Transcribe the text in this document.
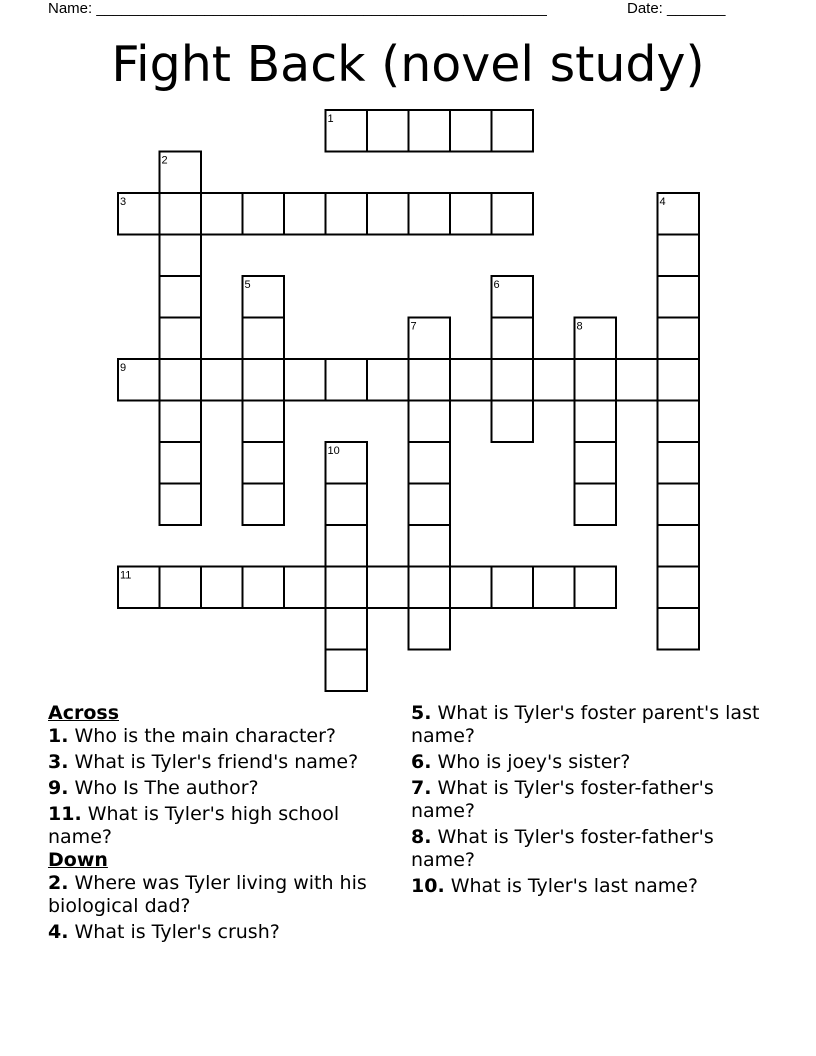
Name: ______________________________________________________	Date: _______
Fight Back (novel study)
1
2
3	4
5	6
7	8
9
10
11
Across
1. Who is the main character?
3. What is Tyler's friend's name?
9. Who Is The author?
11. What is Tyler's high school name?
Down
2. Where was Tyler living with his biological dad?
4. What is Tyler's crush?
5. What is Tyler's foster parent's last name?
6. Who is joey's sister?
7. What is Tyler's foster-father's name?
8. What is Tyler's foster-father's name?
10. What is Tyler's last name?
